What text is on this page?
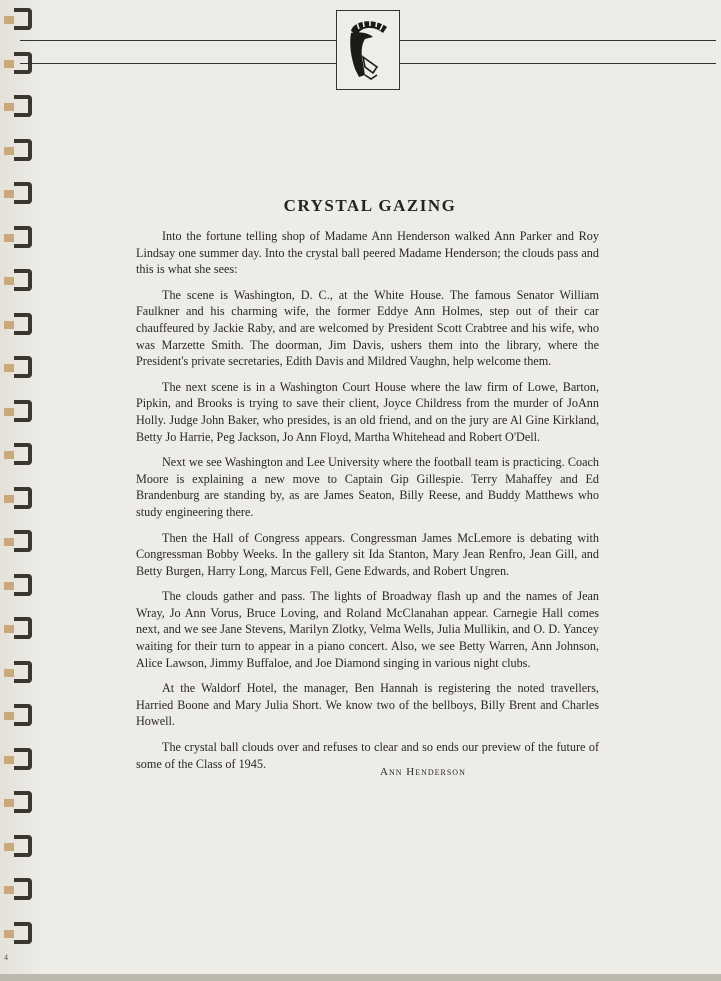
CRYSTAL GAZING

Into the fortune telling shop of Madame Ann Henderson walked Ann Parker and Roy Lindsay one summer day. Into the crystal ball peered Madame Henderson; the clouds pass and this is what she sees:

The scene is Washington, D. C., at the White House. The famous Senator William Faulkner and his charming wife, the former Eddye Ann Holmes, step out of their car chauffeured by Jackie Raby, and are welcomed by President Scott Crabtree and his wife, who was Marzette Smith. The doorman, Jim Davis, ushers them into the library, where the President's private secretaries, Edith Davis and Mildred Vaughn, help welcome them.

The next scene is in a Washington Court House where the law firm of Lowe, Barton, Pipkin, and Brooks is trying to save their client, Joyce Childress from the murder of JoAnn Holly. Judge John Baker, who presides, is an old friend, and on the jury are Al Gine Kirkland, Betty Jo Harrie, Peg Jackson, Jo Ann Floyd, Martha Whitehead and Robert O'Dell.

Next we see Washington and Lee University where the football team is practicing. Coach Moore is explaining a new move to Captain Gip Gillespie. Terry Mahaffey and Ed Brandenburg are standing by, as are James Seaton, Billy Reese, and Buddy Matthews who study engineering there.

Then the Hall of Congress appears. Congressman James McLemore is debating with Congressman Bobby Weeks. In the gallery sit Ida Stanton, Mary Jean Renfro, Jean Gill, and Betty Burgen, Harry Long, Marcus Fell, Gene Edwards, and Robert Ungren.

The clouds gather and pass. The lights of Broadway flash up and the names of Jean Wray, Jo Ann Vorus, Bruce Loving, and Roland McClanahan appear. Carnegie Hall comes next, and we see Jane Stevens, Marilyn Zlotky, Velma Wells, Julia Mullikin, and O. D. Yancey waiting for their turn to appear in a piano concert. Also, we see Betty Warren, Ann Johnson, Alice Lawson, Jimmy Buffaloe, and Joe Diamond singing in various night clubs.

At the Waldorf Hotel, the manager, Ben Hannah is registering the noted travellers, Harried Boone and Mary Julia Short. We know two of the bellboys, Billy Brent and Charles Howell.

The crystal ball clouds over and refuses to clear and so ends our preview of the future of some of the Class of 1945.

Ann Henderson
4
